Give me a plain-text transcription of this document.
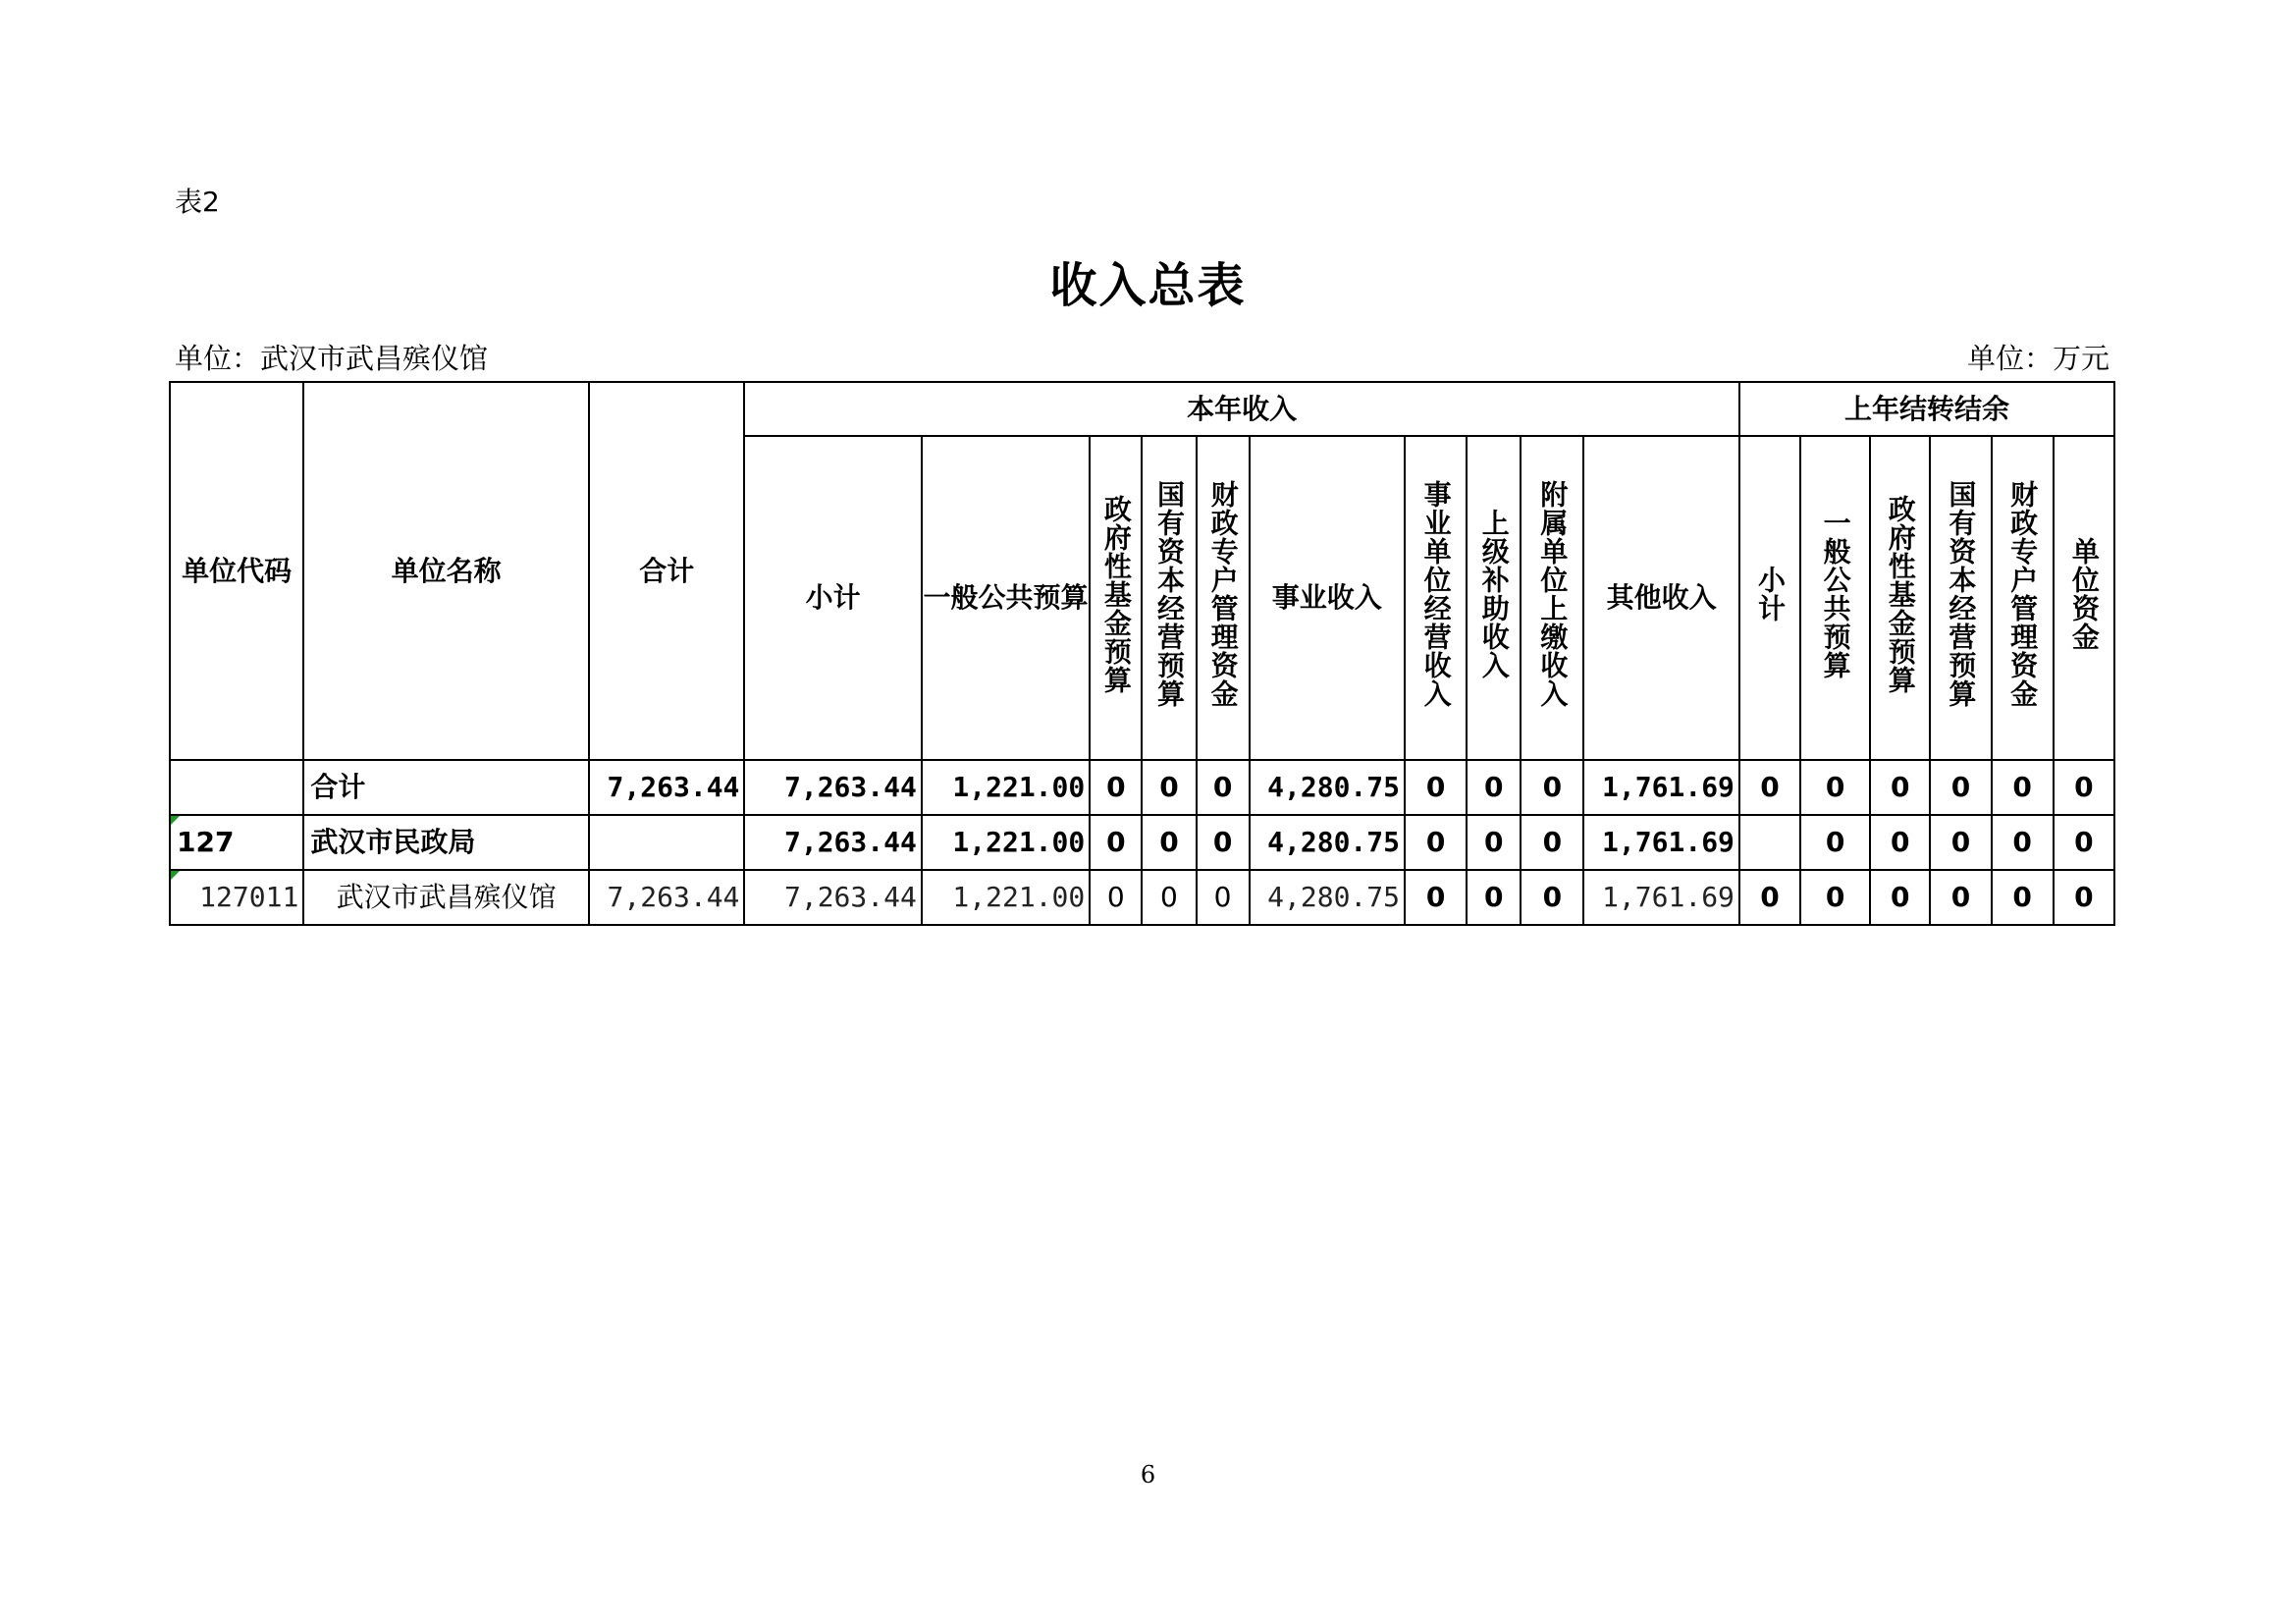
表2
收入总表
单位：武汉市武昌殡仪馆	单位：万元
单位代码	单位名称	合计	本年收入										上年结转结余					
			小计	一般公共预算	政府性基金预算	国有资本经营预算	财政专户管理资金	事业收入	事业单位经营收入	上级补助收入	附属单位上缴收入	其他收入	小计	一般公共预算	政府性基金预算	国有资本经营预算	财政专户管理资金	单位资金
	合计	7,263.44	7,263.44	1,221.00	0	0	0	4,280.75	0	0	0	1,761.69	0	0	0	0	0	0
127	武汉市民政局		7,263.44	1,221.00	0	0	0	4,280.75	0	0	0	1,761.69		0	0	0	0	0
127011	武汉市武昌殡仪馆	7,263.44	7,263.44	1,221.00	0	0	0	4,280.75	0	0	0	1,761.69	0	0	0	0	0	0
6
